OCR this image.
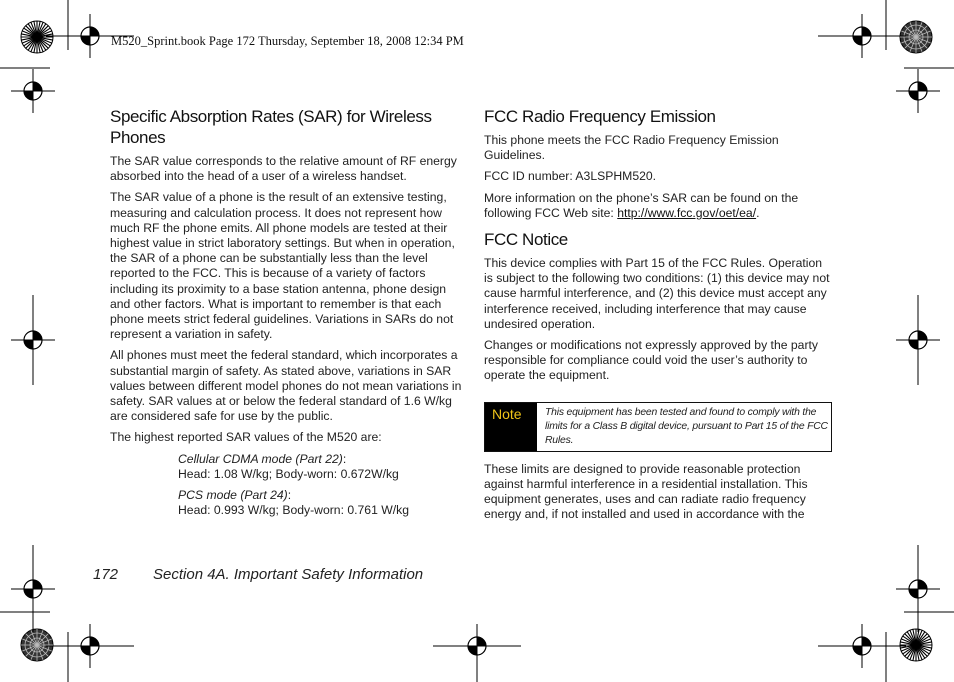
M520_Sprint.book Page 172 Thursday, September 18, 2008 12:34 PM
Specific Absorption Rates (SAR) for Wireless Phones

The SAR value corresponds to the relative amount of RF energy absorbed into the head of a user of a wireless handset.

The SAR value of a phone is the result of an extensive testing, measuring and calculation process. It does not represent how much RF the phone emits. All phone models are tested at their highest value in strict laboratory settings. But when in operation, the SAR of a phone can be substantially less than the level reported to the FCC. This is because of a variety of factors including its proximity to a base station antenna, phone design and other factors. What is important to remember is that each phone meets strict federal guidelines. Variations in SARs do not represent a variation in safety.

All phones must meet the federal standard, which incorporates a substantial margin of safety. As stated above, variations in SAR values between different model phones do not mean variations in safety. SAR values at or below the federal standard of 1.6 W/kg are considered safe for use by the public.

The highest reported SAR values of the M520 are:

Cellular CDMA mode (Part 22):
Head: 1.08 W/kg; Body-worn: 0.672W/kg
PCS mode (Part 24):
Head: 0.993 W/kg; Body-worn: 0.761 W/kg
FCC Radio Frequency Emission

This phone meets the FCC Radio Frequency Emission Guidelines.

FCC ID number: A3LSPHM520.

More information on the phone’s SAR can be found on the following FCC Web site: http://www.fcc.gov/oet/ea/.

FCC Notice

This device complies with Part 15 of the FCC Rules. Operation is subject to the following two conditions: (1) this device may not cause harmful interference, and (2) this device must accept any interference received, including interference that may cause undesired operation.

Changes or modifications not expressly approved by the party responsible for compliance could void the user’s authority to operate the equipment.

Note	This equipment has been tested and found to comply with the limits for a Class B digital device, pursuant to Part 15 of the FCC Rules.

These limits are designed to provide reasonable protection against harmful interference in a residential installation. This equipment generates, uses and can radiate radio frequency energy and, if not installed and used in accordance with the

172 Section 4A. Important Safety Information
